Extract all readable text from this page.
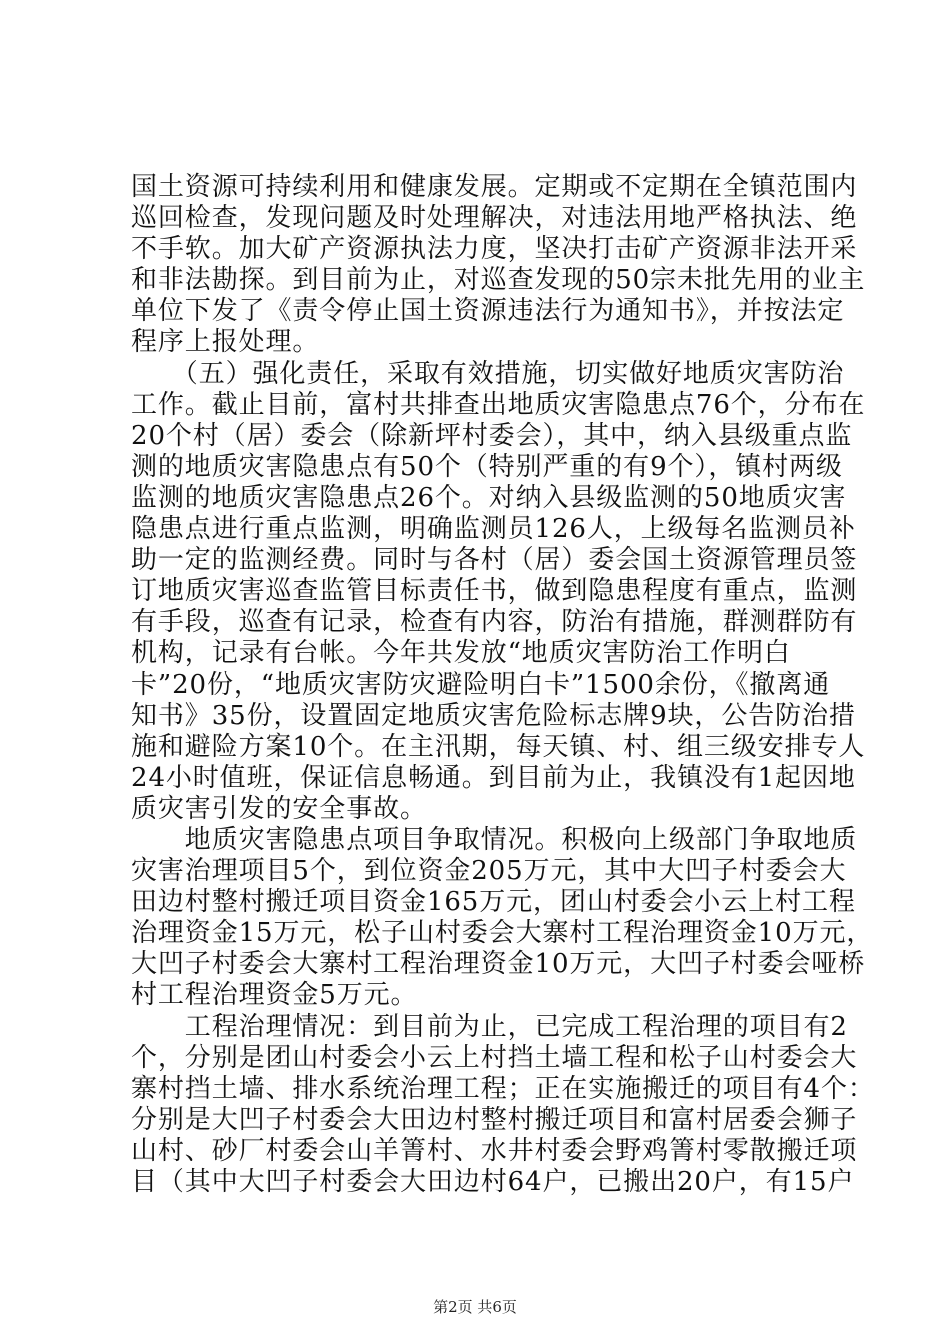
国土资源可持续利用和健康发展。定期或不定期在全镇范围内
巡回检查，发现问题及时处理解决，对违法用地严格执法、绝
不手软。加大矿产资源执法力度，坚决打击矿产资源非法开采
和非法勘探。到目前为止，对巡查发现的50宗未批先用的业主
单位下发了《责令停止国土资源违法行为通知书》，并按法定
程序上报处理。
　　（五）强化责任，采取有效措施，切实做好地质灾害防治
工作。截止目前，富村共排查出地质灾害隐患点76个，分布在
20个村（居）委会（除新坪村委会），其中，纳入县级重点监
测的地质灾害隐患点有50个（特别严重的有9个），镇村两级
监测的地质灾害隐患点26个。对纳入县级监测的50地质灾害
隐患点进行重点监测，明确监测员126人，上级每名监测员补
助一定的监测经费。同时与各村（居）委会国土资源管理员签
订地质灾害巡查监管目标责任书，做到隐患程度有重点，监测
有手段，巡查有记录，检查有内容，防治有措施，群测群防有
机构，记录有台帐。今年共发放“地质灾害防治工作明白
卡”20份，“地质灾害防灾避险明白卡”1500余份，《撤离通
知书》35份，设置固定地质灾害危险标志牌9块，公告防治措
施和避险方案10个。在主汛期，每天镇、村、组三级安排专人
24小时值班，保证信息畅通。到目前为止，我镇没有1起因地
质灾害引发的安全事故。
　　地质灾害隐患点项目争取情况。积极向上级部门争取地质
灾害治理项目5个，到位资金205万元，其中大凹子村委会大
田边村整村搬迁项目资金165万元，团山村委会小云上村工程
治理资金15万元，松子山村委会大寨村工程治理资金10万元，
大凹子村委会大寨村工程治理资金10万元，大凹子村委会哑桥
村工程治理资金5万元。
　　工程治理情况：到目前为止，已完成工程治理的项目有2
个，分别是团山村委会小云上村挡土墙工程和松子山村委会大
寨村挡土墙、排水系统治理工程；正在实施搬迁的项目有4个：
分别是大凹子村委会大田边村整村搬迁项目和富村居委会狮子
山村、砂厂村委会山羊箐村、水井村委会野鸡箐村零散搬迁项
目（其中大凹子村委会大田边村64户，已搬出20户，有15户
第2页 共6页
